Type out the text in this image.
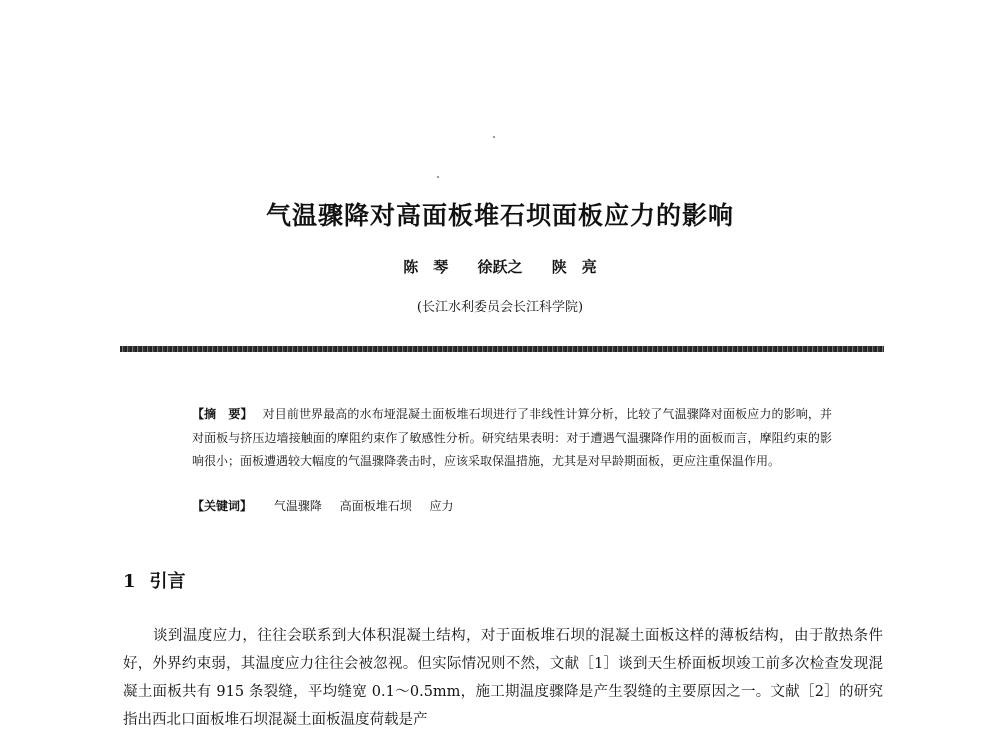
气温骤降对高面板堆石坝面板应力的影响
陈　琴 徐跃之 陕　亮
(长江水利委员会长江科学院)
【摘　要】 对目前世界最高的水布垭混凝土面板堆石坝进行了非线性计算分析，比较了气温骤降对面板应力的影响，并对面板与挤压边墙接触面的摩阻约束作了敏感性分析。研究结果表明：对于遭遇气温骤降作用的面板而言，摩阻约束的影响很小；面板遭遇较大幅度的气温骤降袭击时，应该采取保温措施，尤其是对早龄期面板，更应注重保温作用。
【关键词】 气温骤降 高面板堆石坝 应力
1 引言
谈到温度应力，往往会联系到大体积混凝土结构，对于面板堆石坝的混凝土面板这样的薄板结构，由于散热条件好，外界约束弱，其温度应力往往会被忽视。但实际情况则不然，文献［1］谈到天生桥面板坝竣工前多次检查发现混凝土面板共有 915 条裂缝，平均缝宽 0.1～0.5mm，施工期温度骤降是产生裂缝的主要原因之一。文献［2］的研究指出西北口面板堆石坝混凝土面板温度荷载是产
